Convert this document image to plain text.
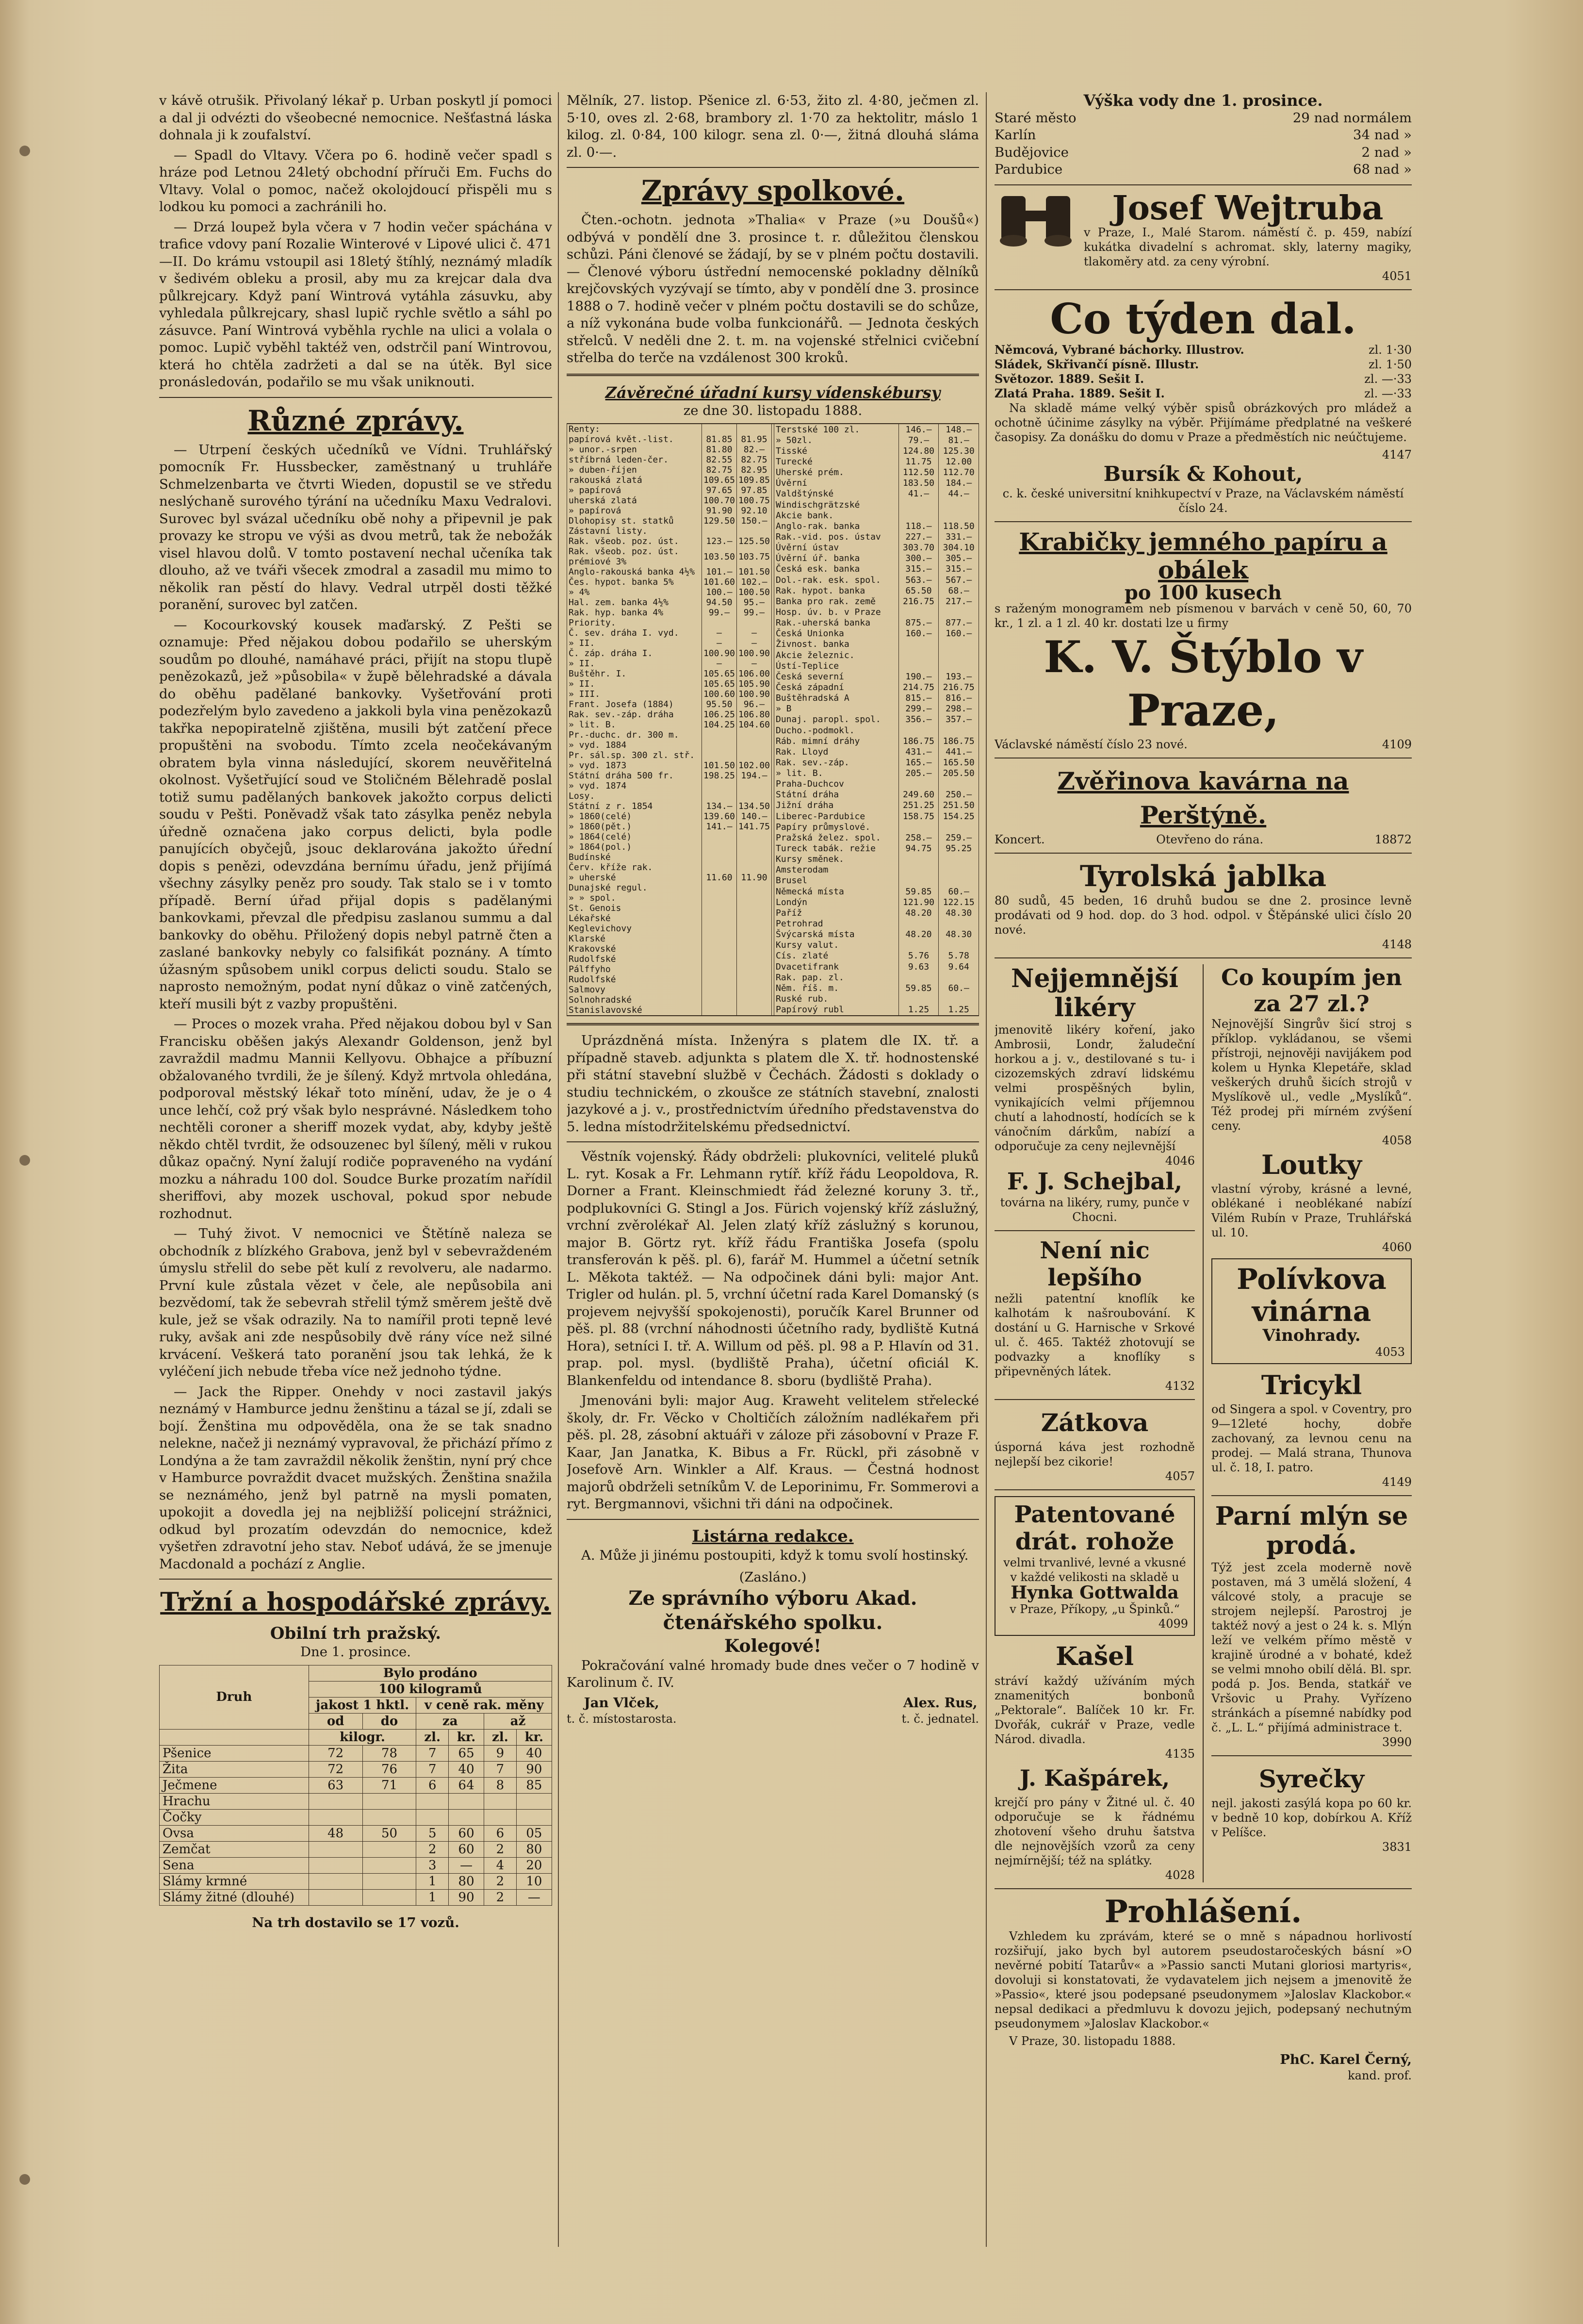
v kávě otrušik. Přivolaný lékař p. Urban poskytl jí pomoci a dal ji odvézti do všeobecné nemocnice. Nešťastná láska dohnala ji k zoufalství.

— Spadl do Vltavy. Včera po 6. hodině večer spadl s hráze pod Letnou 24letý obchodní příruči Em. Fuchs do Vltavy. Volal o pomoc, načež okolojdoucí přispěli mu s lodkou ku pomoci a zachránili ho.

— Drzá loupež byla včera v 7 hodin večer spáchána v trafice vdovy paní Rozalie Winterové v Lipové ulici č. 471—II. Do krámu vstoupil asi 18letý štíhlý, neznámý mladík v šedivém obleku a prosil, aby mu za krejcar dala dva půlkrejcary. Když paní Wintrová vytáhla zásuvku, aby vyhledala půlkrejcary, shasl lupič rychle světlo a sáhl po zásuvce. Paní Wintrová vyběhla rychle na ulici a volala o pomoc. Lupič vyběhl taktéž ven, odstrčil paní Wintrovou, která ho chtěla zadržeti a dal se na útěk. Byl sice pronásledován, podařilo se mu však uniknouti.

Různé zprávy.

— Utrpení českých učedníků ve Vídni. Truhlářský pomocník Fr. Hussbecker, zaměstnaný u truhláře Schmelzenbarta ve čtvrti Wieden, dopustil se ve středu neslýchaně surového týrání na učedníku Maxu Vedralovi. Surovec byl svázal učedníku obě nohy a připevnil je pak provazy ke stropu ve výši as dvou metrů, tak že nebožák visel hlavou dolů. V tomto postavení nechal učeníka tak dlouho, až ve tváři všecek zmodral a zasadil mu mimo to několik ran pěstí do hlavy. Vedral utrpěl dosti těžké poranění, surovec byl zatčen.

— Kocourkovský kousek maďarský. Z Pešti se oznamuje: Před nějakou dobou podařilo se uherským soudům po dlouhé, namáhavé práci, přijít na stopu tlupě penězokazů, jež »působila« v župě bělehradské a dávala do oběhu padělané bankovky. Vyšetřování proti podezřelým bylo zavedeno a jakkoli byla vina penězokazů takřka nepopiratelně zjištěna, musili být zatčení přece propuštěni na svobodu. Tímto zcela neočekávaným obratem byla vinna následující, skorem neuvěřitelná okolnost. Vyšetřující soud ve Stoličném Bělehradě poslal totiž sumu padělaných bankovek jakožto corpus delicti soudu v Pešti. Poněvadž však tato zásylka peněz nebyla úředně označena jako corpus delicti, byla podle panujících obyčejů, jsouc deklarována jakožto úřední dopis s penězi, odevzdána bernímu úřadu, jenž přijímá všechny zásylky peněz pro soudy. Tak stalo se i v tomto případě. Berní úřad přijal dopis s padělanými bankovkami, převzal dle předpisu zaslanou summu a dal bankovky do oběhu. Přiložený dopis nebyl patrně čten a zaslané bankovky nebyly co falsifikát poznány. A tímto úžasným spůsobem unikl corpus delicti soudu. Stalo se naprosto nemožným, podat nyní důkaz o vině zatčených, kteří musili být z vazby propuštěni.

— Proces o mozek vraha. Před nějakou dobou byl v San Francisku oběšen jakýs Alexandr Goldenson, jenž byl zavraždil madmu Mannii Kellyovu. Obhajce a příbuzní obžalovaného tvrdili, že je šílený. Když mrtvola ohledána, podporoval městský lékař toto mínění, udav, že je o 4 unce lehčí, což prý však bylo nesprávné. Následkem toho nechtěli coroner a sheriff mozek vydat, aby, kdyby ještě někdo chtěl tvrdit, že odsouzenec byl šílený, měli v rukou důkaz opačný. Nyní žalují rodiče popraveného na vydání mozku a náhradu 100 dol. Soudce Burke prozatím nařídil sheriffovi, aby mozek uschoval, pokud spor nebude rozhodnut.

— Tuhý život. V nemocnici ve Štětíně naleza se obchodník z blízkého Grabova, jenž byl v sebevraždeném úmyslu střelil do sebe pět kulí z revolveru, ale nadarmo. První kule zůstala vězet v čele, ale nepůsobila ani bezvědomí, tak že sebevrah střelil týmž směrem ještě dvě kule, jež se však odrazily. Na to namířil proti tepně levé ruky, avšak ani zde nespůsobily dvě rány více než silné krvácení. Veškerá tato poranění jsou tak lehká, že k vyléčení jich nebude třeba více než jednoho týdne.

— Jack the Ripper. Onehdy v noci zastavil jakýs neznámý v Hamburce jednu ženštinu a tázal se jí, zdali se bojí. Ženština mu odpověděla, ona že se tak snadno nelekne, načež ji neznámý vypravoval, že přichází přímo z Londýna a že tam zavraždil několik ženštin, nyní prý chce v Hamburce povraždit dvacet mužských. Ženština snažila se neznámého, jenž byl patrně na mysli pomaten, upokojit a dovedla jej na nejbližší policejní strážnici, odkud byl prozatím odevzdán do nemocnice, kdež vyšetřen zdravotní jeho stav. Neboť udává, že se jmenuje Macdonald a pochází z Anglie.

Tržní a hospodářské zprávy.
Obilní trh pražský.
Dne 1. prosince.
Druh	Bylo prodáno					
	100 kilogramů					
	jakost 1 hktl.		v ceně rak. měny			
	od	do	za		až	
	kilogr.		zl.	kr.	zl.	kr.
Pšenice	72	78	7	65	9	40
Žita	72	76	7	40	7	90
Ječmene	63	71	6	64	8	85
Hrachu						
Čočky						
Ovsa	48	50	5	60	6	05
Zemčat			2	60	2	80
Sena			3	—	4	20
Slámy krmné			1	80	2	10
Slámy žitné (dlouhé)			1	90	2	—
Na trh dostavilo se 17 vozů.

Mělník, 27. listop. Pšenice zl. 6·53, žito zl. 4·80, ječmen zl. 5·10, oves zl. 2·68, brambory zl. 1·70 za hektolitr, máslo 1 kilog. zl. 0·84, 100 kilogr. sena zl. 0·—, žitná dlouhá sláma zl. 0·—.

Zprávy spolkové.

Čten.-ochotn. jednota »Thalia« v Praze (»u Doušů«) odbývá v pondělí dne 3. prosince t. r. důležitou členskou schůzi. Páni členové se žádají, by se v plném počtu dostavili. — Členové výboru ústřední nemocenské pokladny dělníků krejčovských vyzývají se tímto, aby v pondělí dne 3. prosince 1888 o 7. hodině večer v plném počtu dostavili se do schůze, a níž vykonána bude volba funkcionářů. — Jednota českých střelců. V neděli dne 2. t. m. na vojenské střelnici cvičební střelba do terče na vzdálenost 300 kroků.

Závěrečné úřadní kursy vídenskébursy
ze dne 30. listopadu 1888.
Renty:		
papírová květ.-list.	81.85	81.95
» unor.-srpen	81.80	82.—
stříbrná leden-čer.	82.55	82.75
» duben-říjen	82.75	82.95
rakouská zlatá	109.65	109.85
» papírová	97.65	97.85
uherská zlatá	100.70	100.75
» papírová	91.90	92.10
Dlohopisy st. statků	129.50	150.—
Zástavní listy.		
Rak. všeob. poz. úst.	123.—	125.50
Rak. všeob. poz. úst. prémiové 3%	103.50	103.75
Anglo-rakouská banka 4½%	101.—	101.50
Čes. hypot. banka 5%	101.60	102.—
» 4%	100.—	100.50
Hal. zem. banka 4½%	94.50	95.—
Rak. hyp. banka 4%	99.—	99.—
Priority.		
Č. sev. dráha I. vyd.	—	—
» II.	—	—
Č. záp. dráha I.	100.90	100.90
» II.	—	—
Buštěhr. I.	105.65	106.00
» II.	105.65	105.90
» III.	100.60	100.90
Frant. Josefa (1884)	95.50	96.—
Rak. sev.-záp. dráha	106.25	106.80
» lit. B.	104.25	104.60
Pr.-duchc. dr. 300 m.		
» vyd. 1884		
Pr. sál.sp. 300 zl. stř.		
» vyd. 1873	101.50	102.00
Státní dráha 500 fr.	198.25	194.—
» vyd. 1874		
Losy.		
Státní z r. 1854	134.—	134.50
» 1860(celé)	139.60	140.—
» 1860(pět.)	141.—	141.75
» 1864(celé)		
» 1864(pol.)		
Budínské		
Červ. kříže rak.		
» uherské	11.60	11.90
Dunajské regul.		
» » spol.		
St. Genois		
Lékařské		
Keglevichovy		
Klarské		
Krakovské		
Rudolfské		
Pálffyho		
Rudolfské		
Salmovy		
Solnohradské		
Stanislavovské		
Terstské 100 zl.	146.—	148.—
» 50zl.	79.—	81.—
Tisské	124.80	125.30
Turecké	11.75	12.00
Uherské prém.	112.50	112.70
Úvěrní	183.50	184.—
Valdštýnské	41.—	44.—
Windischgrätzské		
Akcie bank.		
Anglo-rak. banka	118.—	118.50
Rak.-vid. pos. ústav	227.—	331.—
Úvěrní ústav	303.70	304.10
Úvěrní úř. banka	300.—	305.—
Česká esk. banka	315.—	315.—
Dol.-rak. esk. spol.	563.—	567.—
Rak. hypot. banka	65.50	68.—
Banka pro rak. země	216.75	217.—
Hosp. úv. b. v Praze		
Rak.-uherská banka	875.—	877.—
Česká Unionka	160.—	160.—
Živnost. banka		
Akcie železnic.		
Ústí-Teplice		
Česká severní	190.—	193.—
Česká západní	214.75	216.75
Buštěhradská A	815.—	816.—
» B	299.—	298.—
Dunaj. paropl. spol.	356.—	357.—
Ducho.-podmokl.		
Ráb. mimní dráhy	186.75	186.75
Rak. Lloyd	431.—	441.—
Rak. sev.-záp.	165.—	165.50
» lit. B.	205.—	205.50
Praha-Duchcov		
Státní dráha	249.60	250.—
Jižní dráha	251.25	251.50
Liberec-Pardubice	158.75	154.25
Papíry průmyslové.		
Pražská želez. spol.	258.—	259.—
Tureck tabák. režie	94.75	95.25
Kursy směnek.		
Amsterodam		
Brusel		
Německá místa	59.85	60.—
Londýn	121.90	122.15
Paříž	48.20	48.30
Petrohrad		
Švýcarská místa	48.20	48.30
Kursy valut.		
Cís. zlaté	5.76	5.78
Dvacetifrank	9.63	9.64
Rak. pap. zl.		
Něm. říš. m.	59.85	60.—
Ruské rub.		
Papírový rubl	1.25	1.25

Uprázdněná místa. Inženýra s platem dle IX. tř. a případně staveb. adjunkta s platem dle X. tř. hodnostenské při státní stavební službě v Čechách. Žádosti s doklady o studiu technickém, o zkoušce ze státních stavební, znalosti jazykové a j. v., prostřednictvím úředního představenstva do 5. ledna místodržitelskému předsednictví.

Věstník vojenský. Řády obdrželi: plukovníci, velitelé pluků L. ryt. Kosak a Fr. Lehmann rytíř. kříž řádu Leopoldova, R. Dorner a Frant. Kleinschmiedt řád železné koruny 3. tř., podplukovníci G. Stingl a Jos. Fürich vojenský kříž záslužný, vrchní zvěrolékař Al. Jelen zlatý kříž záslužný s korunou, major B. Görtz ryt. kříž řádu Františka Josefa (spolu transferován k pěš. pl. 6), farář M. Hummel a účetní setník L. Měkota taktéž. — Na odpočinek dáni byli: major Ant. Trigler od hulán. pl. 5, vrchní účetní rada Karel Domanský (s projevem nejvyšší spokojenosti), poručík Karel Brunner od pěš. pl. 88 (vrchní náhodnosti účetního rady, bydliště Kutná Hora), setníci I. tř. A. Willum od pěš. pl. 98 a P. Hlavín od 31. prap. pol. mysl. (bydliště Praha), účetní oficiál K. Blankenfeldu od intendance 8. sboru (bydliště Praha).

Jmenováni byli: major Aug. Kraweht velitelem střelecké školy, dr. Fr. Věcko v Choltičích záložním nadlékařem při pěš. pl. 28, zásobní aktuáři v záloze při zásobovní v Praze F. Kaar, Jan Janatka, K. Bibus a Fr. Rückl, při zásobně v Josefově Arn. Winkler a Alf. Kraus. — Čestná hodnost majorů obdrželi setníkům V. de Leporinimu, Fr. Sommerovi a ryt. Bergmannovi, všichni tři dáni na odpočinek.

Listárna redakce.

A. Může ji jinému postoupiti, když k tomu svolí hostinský.

(Zasláno.)
Ze správního výboru Akad. čtenářského spolku.
Kolegové!

Pokračování valné hromady bude dnes večer o 7 hodině v Karolinum č. IV.

Jan Vlček,
t. č. místostarosta.
Alex. Rus,
t. č. jednatel.
Výška vody dne 1. prosince.
Staré město	29 nad normálem
Karlín	34 nad »
Budějovice	2 nad »
Pardubice	68 nad »
Josef Wejtruba
v Praze, I., Malé Starom. náměstí č. p. 459, nabízí kukátka divadelní s achromat. skly, laterny magiky, tlakoměry atd. za ceny výrobní.
4051
Co týden dal.
Němcová, Vybrané báchorky. Illustrov.	zl. 1·30
Sládek, Skřivančí písně. Illustr.	zl. 1·50
Světozor. 1889. Sešit I.	zl. —·33
Zlatá Praha. 1889. Sešit I.	zl. —·33

Na skladě máme velký výběr spisů obrázkových pro mládež a ochotně účinime zásylky na výběr. Přijímáme předplatné na veškeré časopisy. Za donášku do domu v Praze a předměstích nic neúčtujeme.

4147
Bursík & Kohout,
c. k. české universitní knihkupectví v Praze, na Václavském náměstí číslo 24.
Krabičky jemného papíru a obálek
po 100 kusech
s raženým monogramem neb písmenou v barvách v ceně 50, 60, 70 kr., 1 zl. a 1 zl. 40 kr. dostati lze u firmy
K. V. Štýblo v Praze,
Václavské náměstí číslo 23 nové.	4109
Zvěřinova kavárna na Perštýně.
Koncert.	Otevřeno do rána.	18872
Tyrolská jablka
80 sudů, 45 beden, 16 druhů budou se dne 2. prosince levně prodávati od 9 hod. dop. do 3 hod. odpol. v Štěpánské ulici číslo 20 nové.
4148
Nejjemnější likéry
jmenovitě likéry koření, jako Ambrosii, Londr, žaludeční horkou a j. v., destilované s tu- i cizozemských zdraví lidskému velmi prospěšných bylin, vynikajících velmi příjemnou chutí a lahodností, hodících se k vánočním dárkům, nabízí a odporučuje za ceny nejlevnější
4046
F. J. Schejbal,
továrna na likéry, rumy, punče v Chocni.
Není nic lepšího
nežli patentní knoflík ke kalhotám k našroubování. K dostání u G. Harnische v Srkové ul. č. 465. Taktéž zhotovují se podvazky a knoflíky s připevněných látek.
4132
Zátkova
úsporná káva jest rozhodně nejlepší bez cikorie!
4057
Patentované drát. rohože
velmi trvanlivé, levné a vkusné v každé velikosti na skladě u
Hynka Gottwalda
v Praze, Příkopy, „u Špinků.“
4099
Kašel
stráví každý užíváním mých znamenitých bonbonů „Pektorale“. Balíček 10 kr. Fr. Dvořák, cukrář v Praze, vedle Národ. divadla.
4135
J. Kašpárek,
krejčí pro pány v Žitné ul. č. 40 odporučuje se k řádnému zhotovení všeho druhu šatstva dle nejnovějších vzorů za ceny nejmírnější; též na splátky.
4028
Co koupím jen za 27 zl.?
Nejnovější Singrův šicí stroj s příklop. vykládanou, se všemi přístroji, nejnověji navijákem pod kolem u Hynka Klepetáře, sklad veškerých druhů šicích strojů v Myslíkově ul., vedle „Myslíků“. Též prodej při mírném zvýšení ceny.
4058
Loutky
vlastní výroby, krásné a levné, oblékané i neoblékané nabízí Vilém Rubín v Praze, Truhlářská ul. 10.
4060
Polívkova vinárna
Vinohrady.
4053
Tricykl
od Singera a spol. v Coventry, pro 9—12leté hochy, dobře zachovaný, za levnou cenu na prodej. — Malá strana, Thunova ul. č. 18, I. patro.
4149
Parní mlýn se prodá.
Týž jest zcela moderně nově postaven, má 3 umělá složení, 4 válcové stoly, a pracuje se strojem nejlepší. Parostroj je taktéž nový a jest o 24 k. s. Mlýn leží ve velkém přímo městě v krajině úrodné a v bohaté, kdež se velmi mnoho obilí dělá. Bl. spr. podá p. Jos. Benda, statkář ve Vršovic u Prahy. Vyřízeno stránkách a písemné nabídky pod č. „L. L.“ přijímá administrace t.
3990
Syrečky
nejl. jakosti zasýlá kopa po 60 kr. v bedně 10 kop, dobírkou A. Kříž v Pelíšce.
3831
Prohlášení.

Vzhledem ku zprávám, které se o mně s nápadnou horlivostí rozšiřují, jako bych byl autorem pseudostaročeských básní »O nevěrné pobití Tatarův« a »Passio sancti Mutani gloriosi martyris«, dovoluji si konstatovati, že vydavatelem jich nejsem a jmenovitě že »Passio«, které jsou podepsané pseudonymem »Jaloslav Klackobor.« nepsal dedikaci a předmluvu k dovozu jejich, podepsaný nechutným pseudonymem »Jaloslav Klackobor.«

V Praze, 30. listopadu 1888.

PhC. Karel Černý,
kand. prof.
